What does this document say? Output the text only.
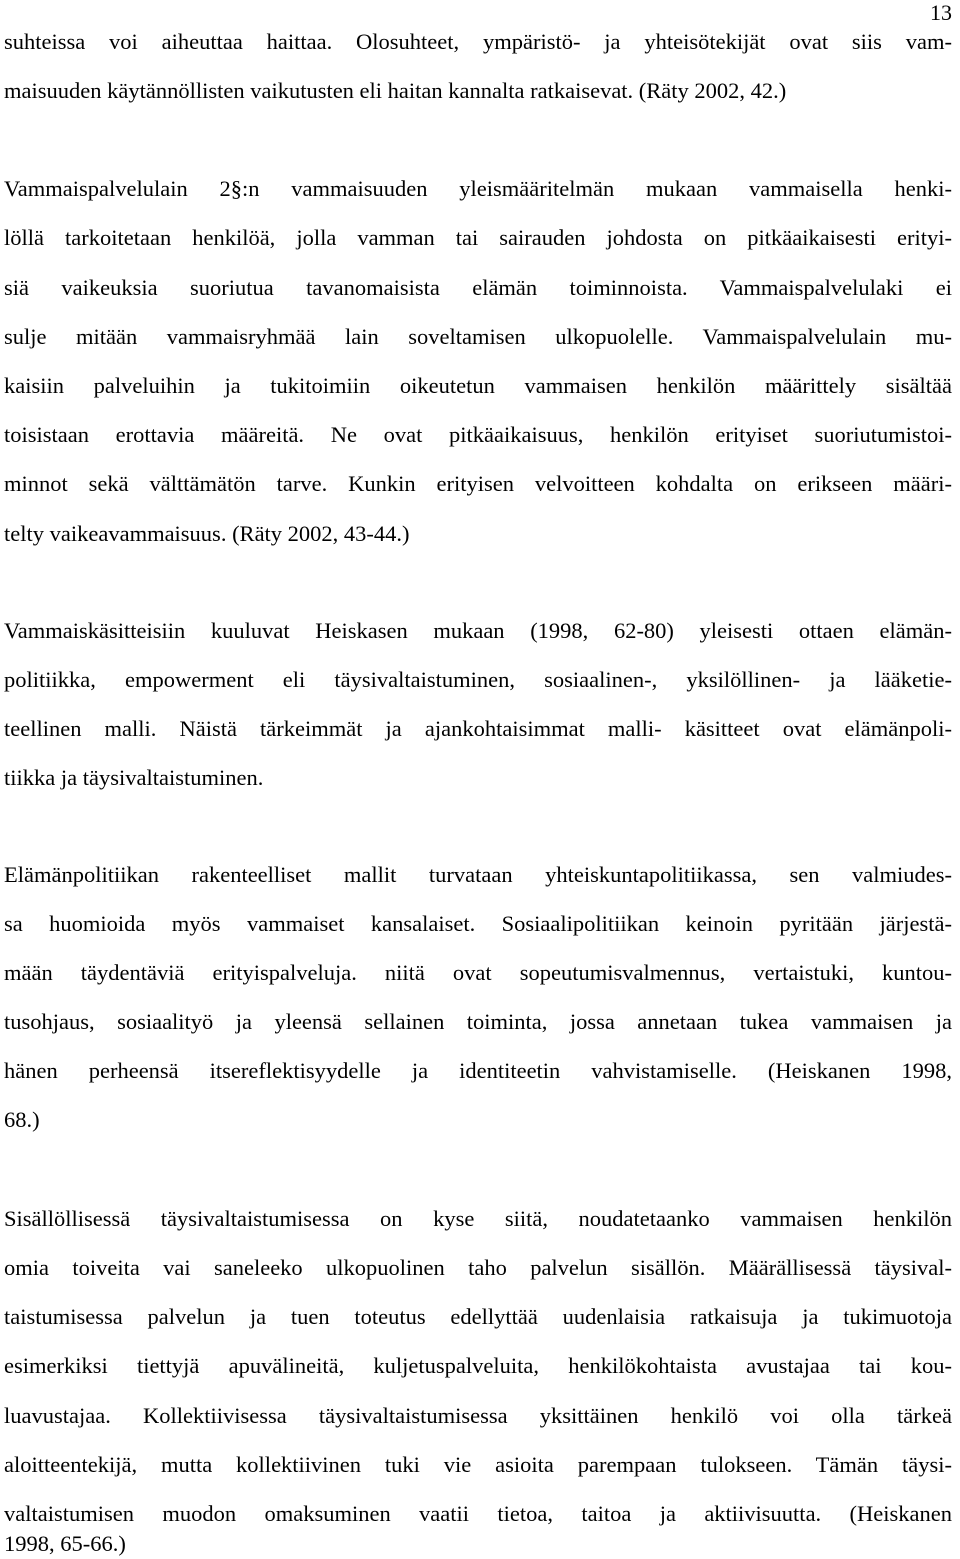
13
suhteissa voi aiheuttaa haittaa. Olosuhteet, ympäristö- ja yhteisötekijät ovat siis vam-
maisuuden käytännöllisten vaikutusten eli haitan kannalta ratkaisevat. (Räty 2002, 42.)
Vammaispalvelulain 2§:n vammaisuuden yleismääritelmän mukaan vammaisella henki-
löllä tarkoitetaan henkilöä, jolla vamman tai sairauden johdosta on pitkäaikaisesti erityi-
siä vaikeuksia suoriutua tavanomaisista elämän toiminnoista. Vammaispalvelulaki ei
sulje mitään vammaisryhmää lain soveltamisen ulkopuolelle. Vammaispalvelulain mu-
kaisiin palveluihin ja tukitoimiin oikeutetun vammaisen henkilön määrittely sisältää
toisistaan erottavia määreitä. Ne ovat pitkäaikaisuus, henkilön erityiset suoriutumistoi-
minnot sekä välttämätön tarve. Kunkin erityisen velvoitteen kohdalta on erikseen määri-
telty vaikeavammaisuus. (Räty 2002, 43-44.)
Vammaiskäsitteisiin kuuluvat Heiskasen mukaan (1998, 62-80) yleisesti ottaen elämän-
politiikka, empowerment eli täysivaltaistuminen, sosiaalinen-, yksilöllinen- ja lääketie-
teellinen malli. Näistä tärkeimmät ja ajankohtaisimmat malli- käsitteet ovat elämänpoli-
tiikka ja täysivaltaistuminen.
Elämänpolitiikan rakenteelliset mallit turvataan yhteiskuntapolitiikassa, sen valmiudes-
sa huomioida myös vammaiset kansalaiset. Sosiaalipolitiikan keinoin pyritään järjestä-
mään täydentäviä erityispalveluja. niitä ovat sopeutumisvalmennus, vertaistuki, kuntou-
tusohjaus, sosiaalityö ja yleensä sellainen toiminta, jossa annetaan tukea vammaisen ja
hänen perheensä itsereflektisyydelle ja identiteetin vahvistamiselle. (Heiskanen 1998,
68.)
Sisällöllisessä täysivaltaistumisessa on kyse siitä, noudatetaanko vammaisen henkilön
omia toiveita vai saneleeko ulkopuolinen taho palvelun sisällön. Määrällisessä täysival-
taistumisessa palvelun ja tuen toteutus edellyttää uudenlaisia ratkaisuja ja tukimuotoja
esimerkiksi tiettyjä apuvälineitä, kuljetuspalveluita, henkilökohtaista avustajaa tai kou-
luavustajaa. Kollektiivisessa täysivaltaistumisessa yksittäinen henkilö voi olla tärkeä
aloitteentekijä, mutta kollektiivinen tuki vie asioita parempaan tulokseen. Tämän täysi-
valtaistumisen muodon omaksuminen vaatii tietoa, taitoa ja aktiivisuutta. (Heiskanen
1998, 65-66.)
